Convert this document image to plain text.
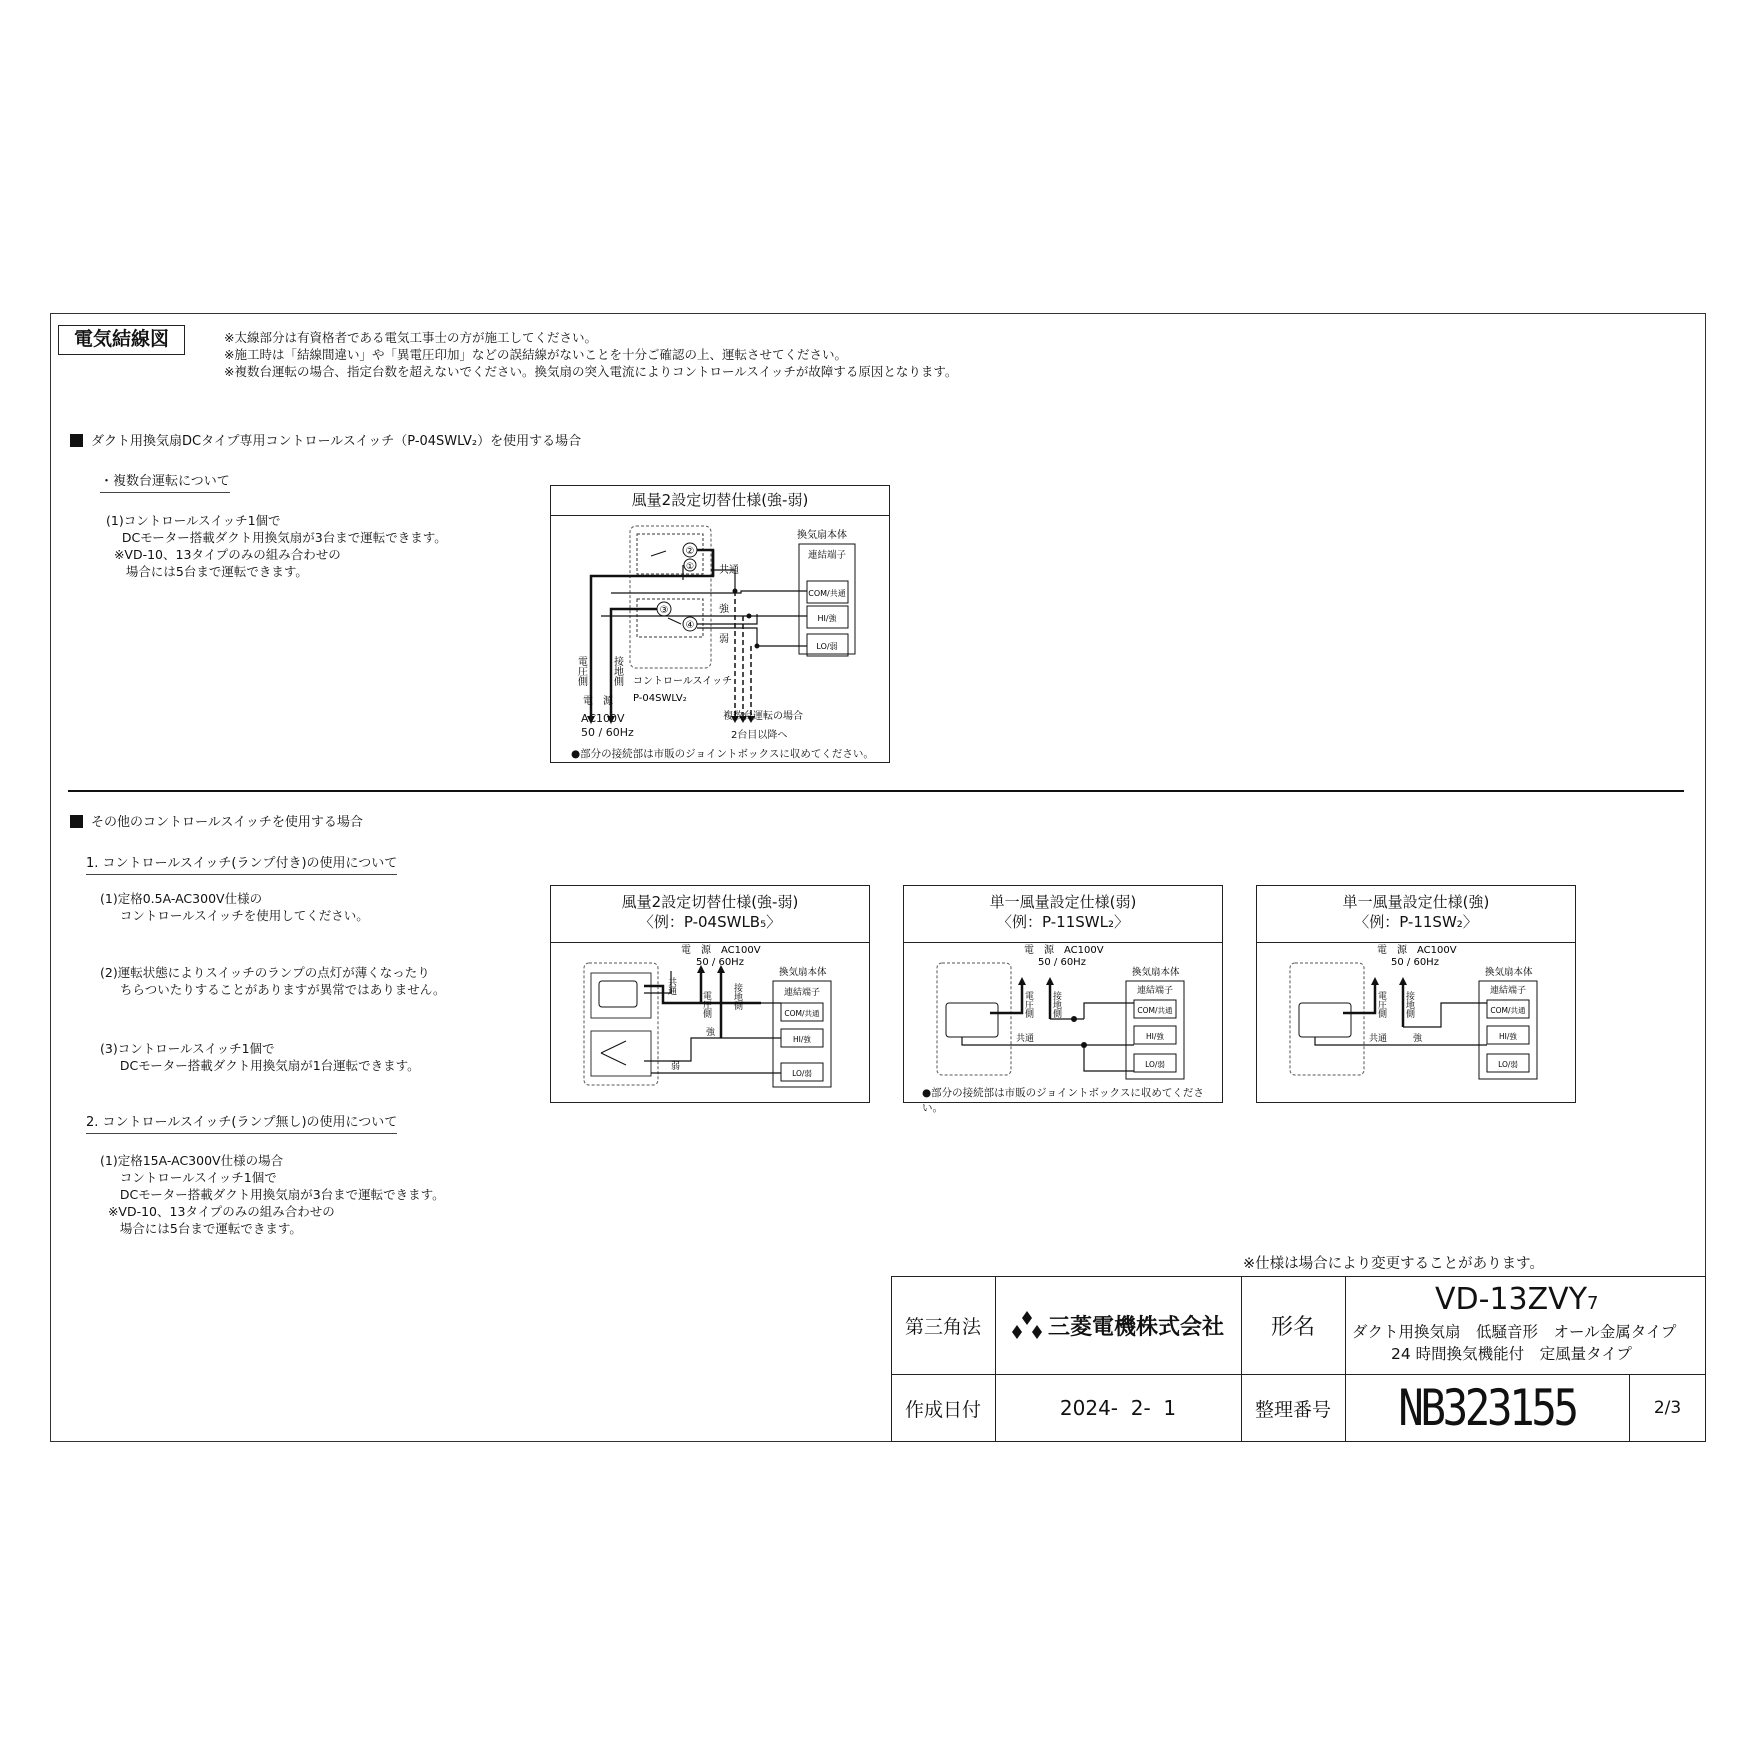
電気結線図	※太線部分は有資格者である電気工事士の方が施工してください。
※施工時は「結線間違い」や「異電圧印加」などの誤結線がないことを十分ご確認の上、運転させてください。
※複数台運転の場合、指定台数を超えないでください。換気扇の突入電流によりコントロールスイッチが故障する原因となります。
ダクト用換気扇DCタイプ専用コントロールスイッチ（P-04SWLV₂）を使用する場合
・複数台運転について
(1)コントロールスイッチ1個で
DCモーター搭載ダクト用換気扇が3台まで運転できます。
※VD-10、13タイプのみの組み合わせの
場合には5台まで運転できます。
風量2設定切替仕様(強-弱)
②
①
③
④
共通
強
弱
換気扇本体
連結端子
COM/共通
HI/強
LO/弱
電圧側	接地側 コントロールスイッチ
P-04SWLV₂
電　源
複数台運転の場合
AC100V
50 / 60Hz	2台目以降へ
●部分の接続部は市販のジョイントボックスに収めてください。
その他のコントロールスイッチを使用する場合
1. コントロールスイッチ(ランプ付き)の使用について
(1)定格0.5A-AC300V仕様の
コントロールスイッチを使用してください。
(2)運転状態によりスイッチのランプの点灯が薄くなったり
ちらついたりすることがありますが異常ではありません。
(3)コントロールスイッチ1個で
DCモーター搭載ダクト用換気扇が1台運転できます。
2. コントロールスイッチ(ランプ無し)の使用について
(1)定格15A-AC300V仕様の場合
コントロールスイッチ1個で
DCモーター搭載ダクト用換気扇が3台まで運転できます。
※VD-10、13タイプのみの組み合わせの
場合には5台まで運転できます。
風量2設定切替仕様(強-弱)
〈例：P-04SWLB₅〉
共通
強
弱
電　源 AC100V
50 / 60Hz
電圧側 接地側
換気扇本体
連結端子
COM/共通
HI/強
LO/弱
単一風量設定仕様(弱)
〈例：P-11SWL₂〉
共通
電　源 AC100V
50 / 60Hz
電圧側 接地側
換気扇本体
連結端子
COM/共通
HI/強
LO/弱
●部分の接続部は市販のジョイントボックスに収めてください。
単一風量設定仕様(強)
〈例：P-11SW₂〉
共通	強
電　源 AC100V
50 / 60Hz
電圧側 接地側
換気扇本体
連結端子
COM/共通
HI/強
LO/弱
※仕様は場合により変更することがあります。
第三角法	三菱電機株式会社	形名
VD-13ZVY7
ダクト用換気扇　低騒音形　オール金属タイプ
24 時間換気機能付　定風量タイプ
作成日付	2024-  2-  1	整理番号	NB323155	2/3
